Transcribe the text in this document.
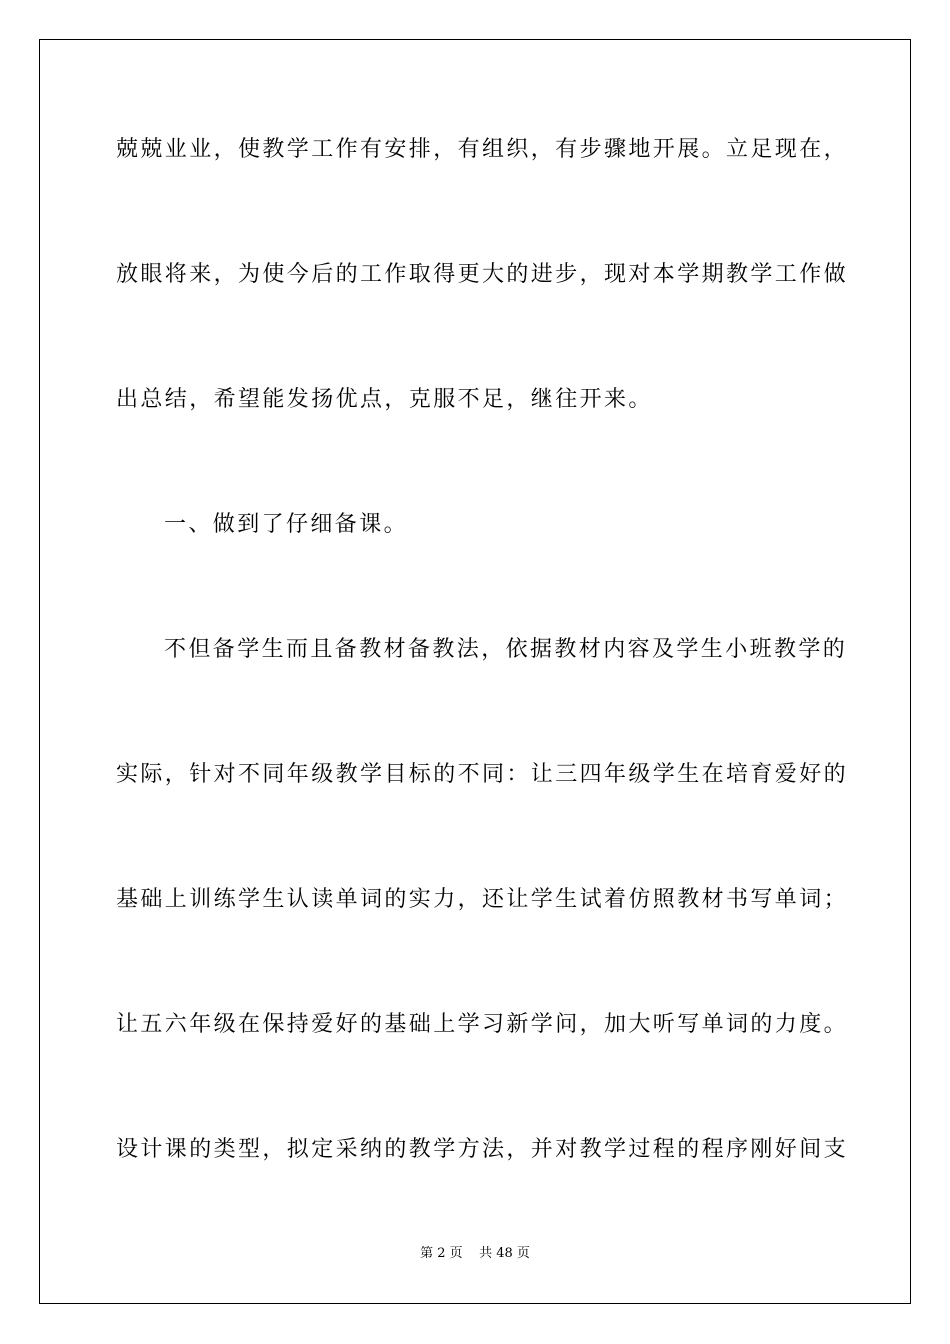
兢兢业业，使教学工作有安排，有组织，有步骤地开展。立足现在，
放眼将来，为使今后的工作取得更大的进步，现对本学期教学工作做
出总结，希望能发扬优点，克服不足，继往开来。
一、做到了仔细备课。
不但备学生而且备教材备教法，依据教材内容及学生小班教学的
实际，针对不同年级教学目标的不同：让三四年级学生在培育爱好的
基础上训练学生认读单词的实力，还让学生试着仿照教材书写单词；
让五六年级在保持爱好的基础上学习新学问，加大听写单词的力度。
设计课的类型，拟定采纳的教学方法，并对教学过程的程序刚好间支
第 2 页    共 48 页
